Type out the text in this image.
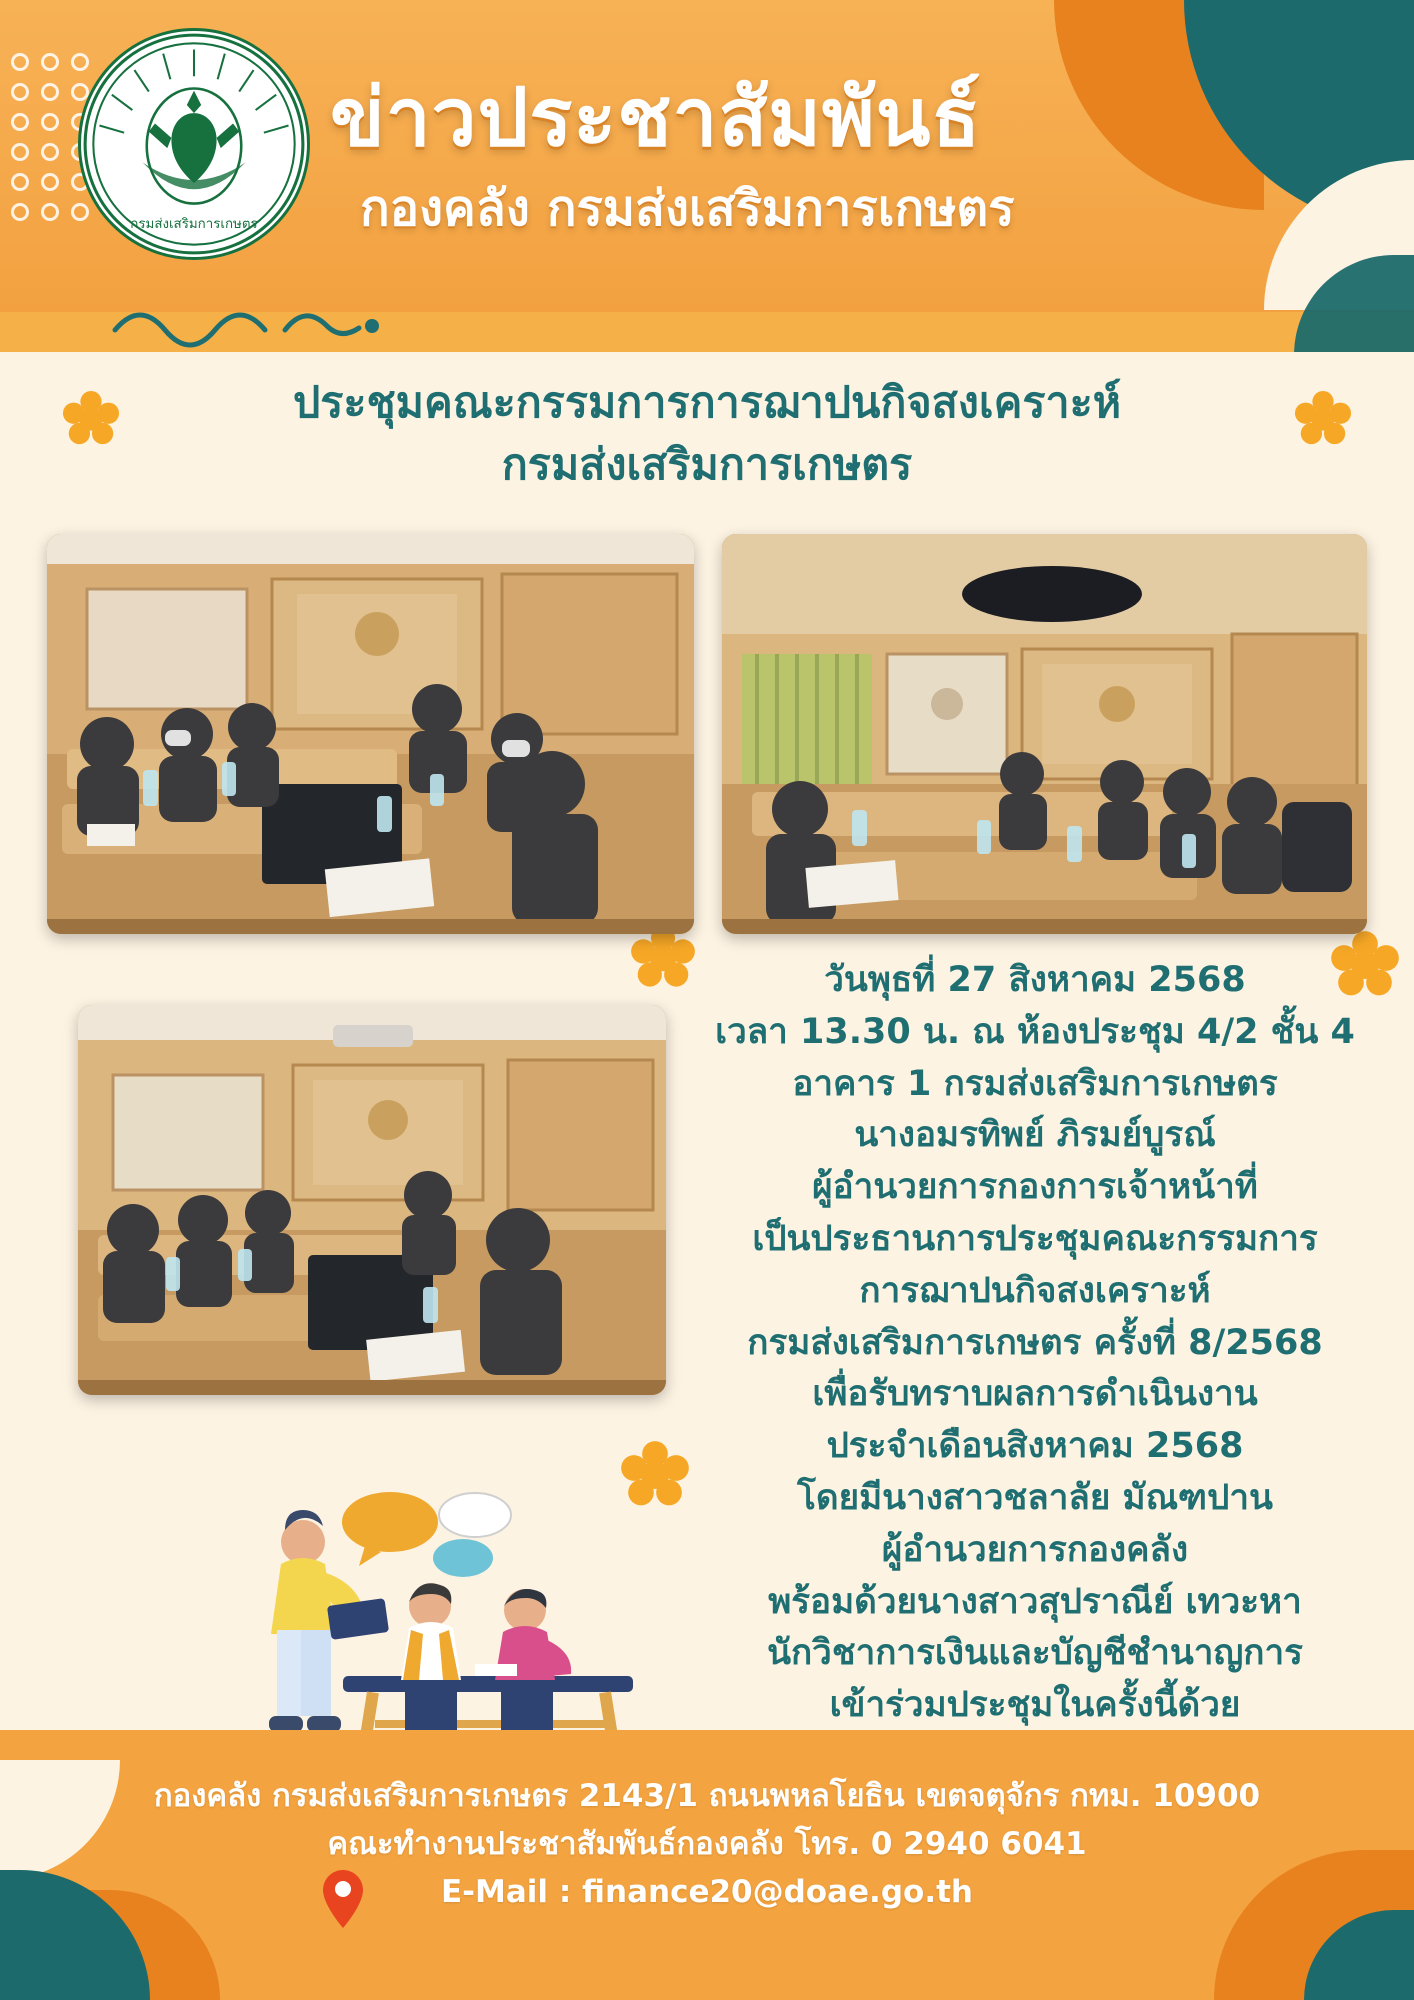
กรมส่งเสริมการเกษตร
ข่าวประชาสัมพันธ์
กองคลัง กรมส่งเสริมการเกษตร
ประชุมคณะกรรมการการฌาปนกิจสงเคราะห์
กรมส่งเสริมการเกษตร
วันพุธที่ 27 สิงหาคม 2568
เวลา 13.30 น. ณ ห้องประชุม 4/2 ชั้น 4
อาคาร 1 กรมส่งเสริมการเกษตร
นางอมรทิพย์ ภิรมย์บูรณ์
ผู้อำนวยการกองการเจ้าหน้าที่
เป็นประธานการประชุมคณะกรรมการ
การฌาปนกิจสงเคราะห์
กรมส่งเสริมการเกษตร ครั้งที่ 8/2568
เพื่อรับทราบผลการดำเนินงาน
ประจำเดือนสิงหาคม 2568
โดยมีนางสาวชลาลัย มัณฑปาน
ผู้อำนวยการกองคลัง
พร้อมด้วยนางสาวสุปราณีย์ เทวะหา
นักวิชาการเงินและบัญชีชำนาญการ
เข้าร่วมประชุมในครั้งนี้ด้วย
กองคลัง กรมส่งเสริมการเกษตร 2143/1 ถนนพหลโยธิน เขตจตุจักร กทม. 10900
คณะทำงานประชาสัมพันธ์กองคลัง โทร. 0 2940 6041
E-Mail : finance20@doae.go.th
